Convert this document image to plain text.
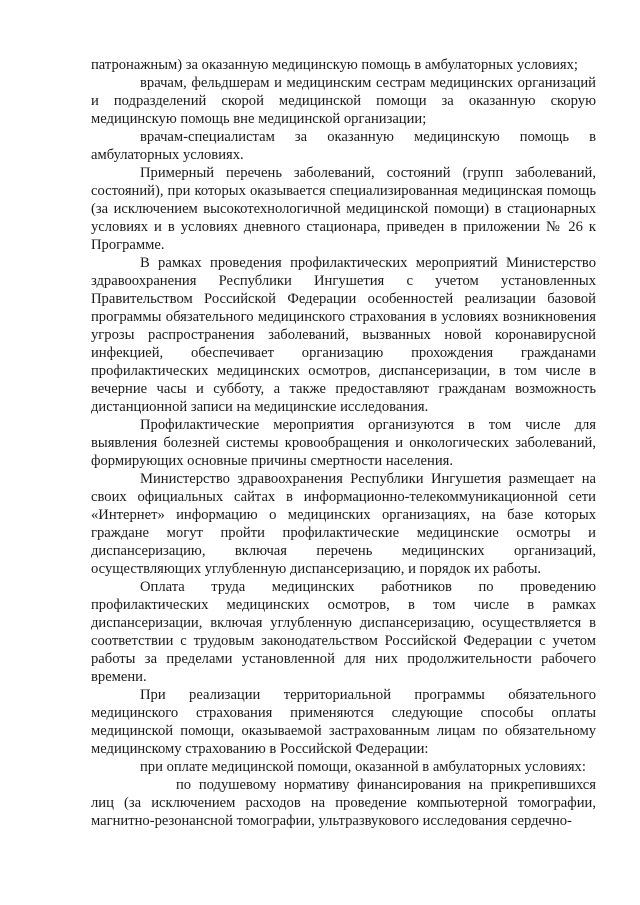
патронажным) за оказанную медицинскую помощь в амбулаторных условиях;

врачам, фельдшерам и медицинским сестрам медицинских организаций и подразделений скорой медицинской помощи за оказанную скорую медицинскую помощь вне медицинской организации;

врачам-специалистам за оказанную медицинскую помощь в амбулаторных условиях.

Примерный перечень заболеваний, состояний (групп заболеваний, состояний), при которых оказывается специализированная медицинская помощь (за исключением высокотехнологичной медицинской помощи) в стационарных условиях и в условиях дневного стационара, приведен в приложении № 26 к Программе.

В рамках проведения профилактических мероприятий Министерство здравоохранения Республики Ингушетия с учетом установленных Правительством Российской Федерации особенностей реализации базовой программы обязательного медицинского страхования в условиях возникновения угрозы распространения заболеваний, вызванных новой коронавирусной инфекцией, обеспечивает организацию прохождения гражданами профилактических медицинских осмотров, диспансеризации, в том числе в вечерние часы и субботу, а также предоставляют гражданам возможность дистанционной записи на медицинские исследования.

Профилактические мероприятия организуются в том числе для выявления болезней системы кровообращения и онкологических заболеваний, формирующих основные причины смертности населения.

Министерство здравоохранения Республики Ингушетия размещает на своих официальных сайтах в информационно-телекоммуникационной сети «Интернет» информацию о медицинских организациях, на базе которых граждане могут пройти профилактические медицинские осмотры и диспансеризацию, включая перечень медицинских организаций, осуществляющих углубленную диспансеризацию, и порядок их работы.

Оплата труда медицинских работников по проведению профилактических медицинских осмотров, в том числе в рамках диспансеризации, включая углубленную диспансеризацию, осуществляется в соответствии с трудовым законодательством Российской Федерации с учетом работы за пределами установленной для них продолжительности рабочего времени.

При реализации территориальной программы обязательного медицинского страхования применяются следующие способы оплаты медицинской помощи, оказываемой застрахованным лицам по обязательному медицинскому страхованию в Российской Федерации:

при оплате медицинской помощи, оказанной в амбулаторных условиях:

по подушевому нормативу финансирования на прикрепившихся лиц (за исключением расходов на проведение компьютерной томографии, магнитно-резонансной томографии, ультразвукового исследования сердечно-
